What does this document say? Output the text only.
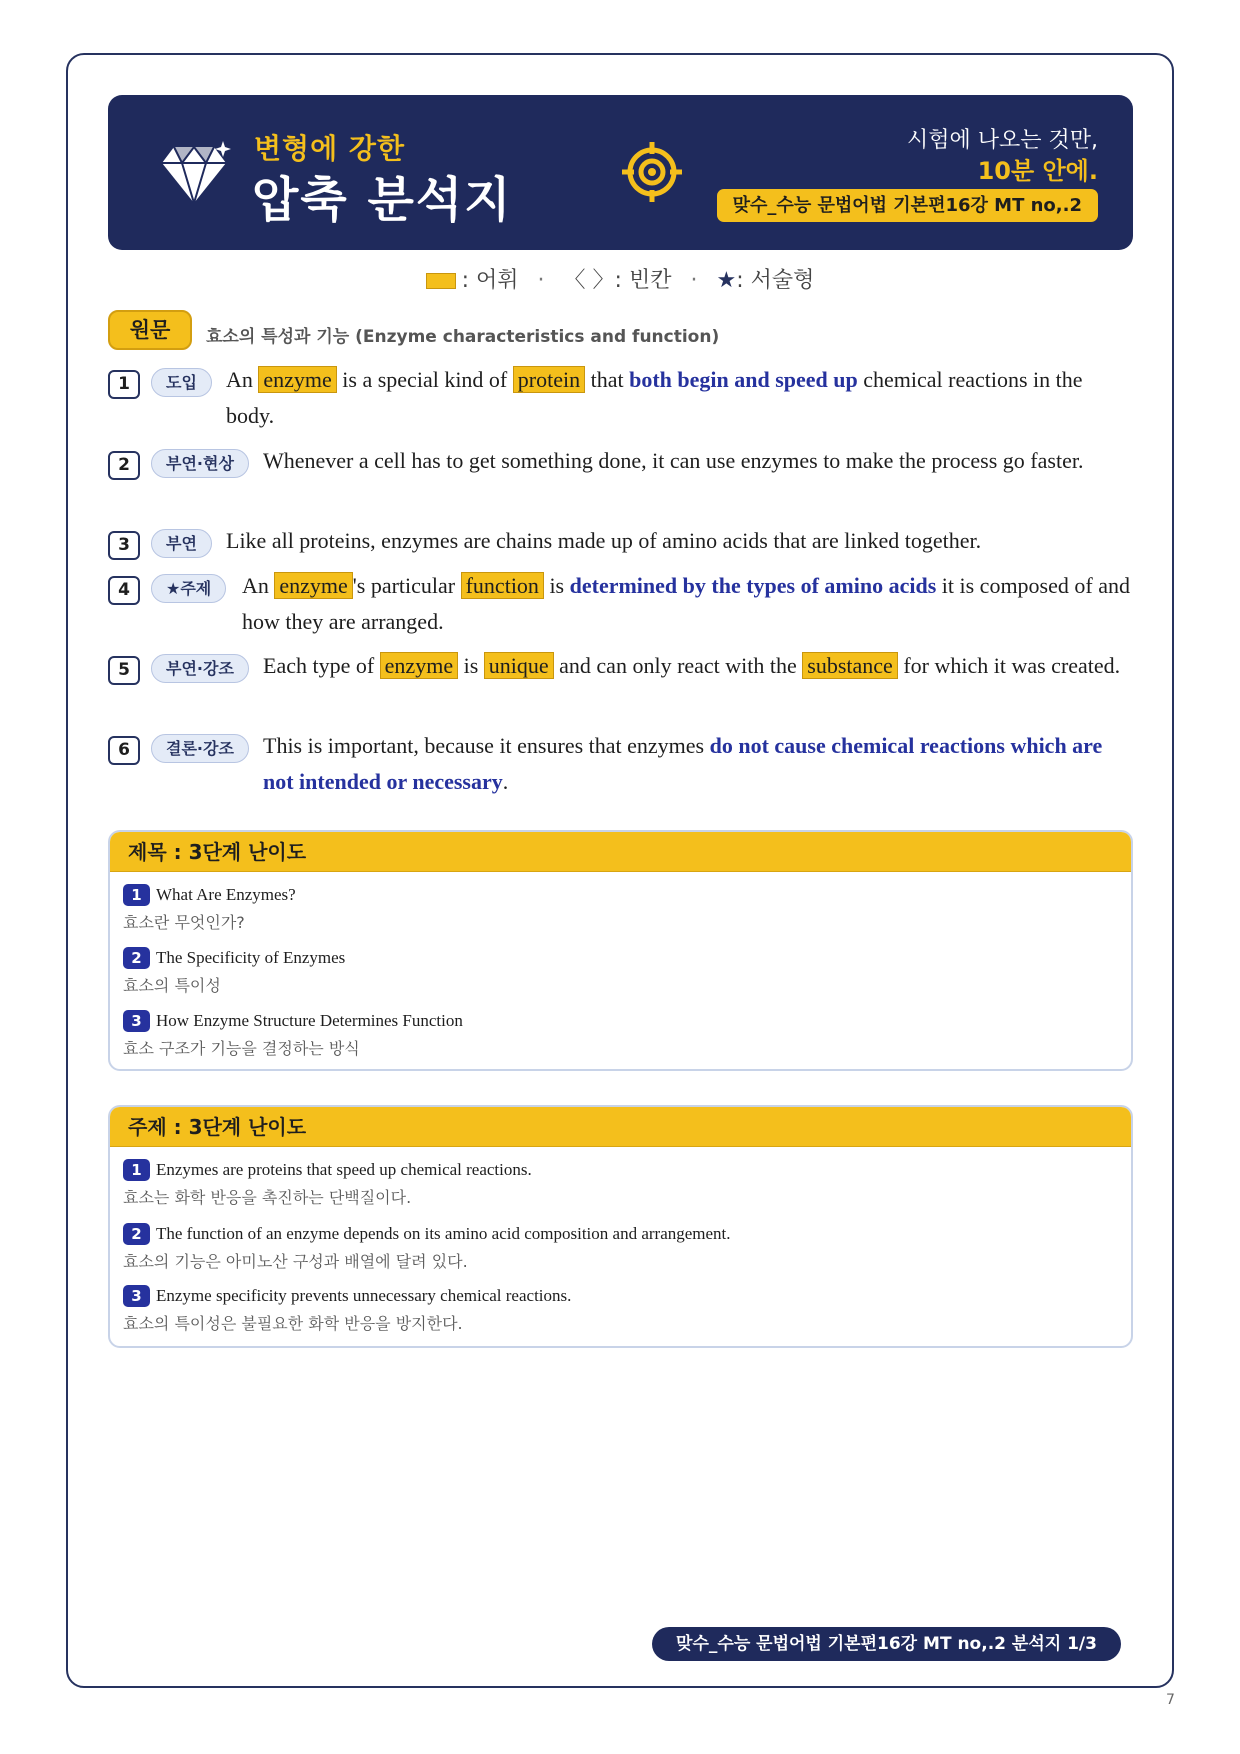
변형에 강한
압축 분석지
시험에 나오는 것만,
10분 안에.
맞수_수능 문법어법 기본편16강 MT no,.2
: 어휘 · 〈 〉: 빈칸 · ★: 서술형
원문	효소의 특성과 기능 (Enzyme characteristics and function)
1	도입	An enzyme is a special kind of protein that both begin and speed up chemical reactions in the body.
2	부연·현상	Whenever a cell has to get something done, it can use enzymes to make the process go faster.
3	부연	Like all proteins, enzymes are chains made up of amino acids that are linked together.
4	★주제	An enzyme 's particular function is determined by the types of amino acids it is composed of and how they are arranged.
5	부연·강조	Each type of enzyme is unique and can only react with the substance for which it was created.
6	결론·강조	This is important, because it ensures that enzymes do not cause chemical reactions which are not intended or necessary.
제목 : 3단계 난이도
1 What Are Enzymes?
효소란 무엇인가?
2 The Specificity of Enzymes
효소의 특이성
3 How Enzyme Structure Determines Function
효소 구조가 기능을 결정하는 방식
주제 : 3단계 난이도
1 Enzymes are proteins that speed up chemical reactions.
효소는 화학 반응을 촉진하는 단백질이다.
2 The function of an enzyme depends on its amino acid composition and arrangement.
효소의 기능은 아미노산 구성과 배열에 달려 있다.
3 Enzyme specificity prevents unnecessary chemical reactions.
효소의 특이성은 불필요한 화학 반응을 방지한다.
맞수_수능 문법어법 기본편16강 MT no,.2 분석지 1/3
7
